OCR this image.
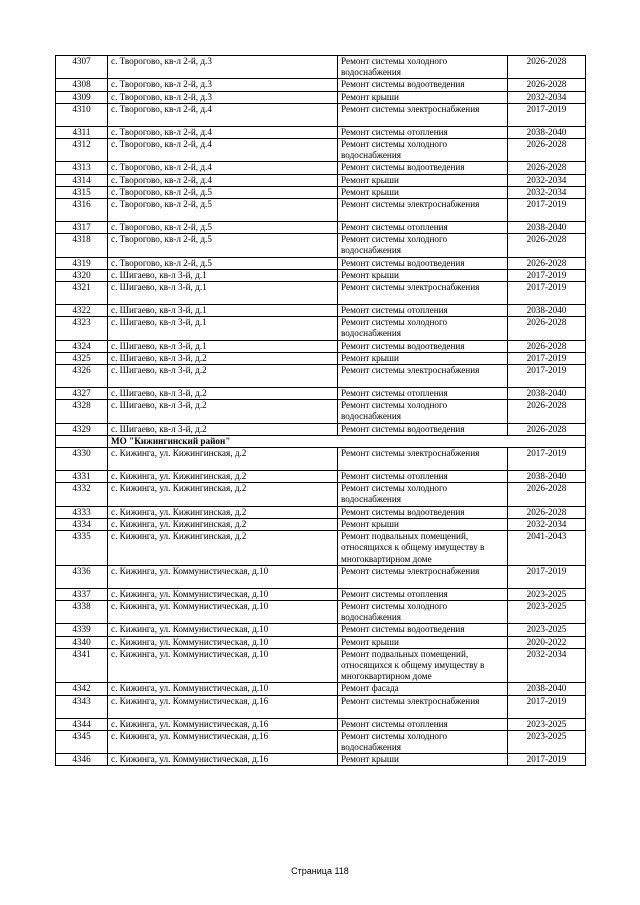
4307	с. Творогово, кв-л 2-й, д.3	Ремонт системы холодного водоснабжения	2026-2028
4308	с. Творогово, кв-л 2-й, д.3	Ремонт системы водоотведения	2026-2028
4309	с. Творогово, кв-л 2-й, д.3	Ремонт крыши	2032-2034
4310	с. Творогово, кв-л 2-й, д.4	Ремонт системы электроснабжения	2017-2019
4311	с. Творогово, кв-л 2-й, д.4	Ремонт системы отопления	2038-2040
4312	с. Творогово, кв-л 2-й, д.4	Ремонт системы холодного водоснабжения	2026-2028
4313	с. Творогово, кв-л 2-й, д.4	Ремонт системы водоотведения	2026-2028
4314	с. Творогово, кв-л 2-й, д.4	Ремонт крыши	2032-2034
4315	с. Творогово, кв-л 2-й, д.5	Ремонт крыши	2032-2034
4316	с. Творогово, кв-л 2-й, д.5	Ремонт системы электроснабжения	2017-2019
4317	с. Творогово, кв-л 2-й, д.5	Ремонт системы отопления	2038-2040
4318	с. Творогово, кв-л 2-й, д.5	Ремонт системы холодного водоснабжения	2026-2028
4319	с. Творогово, кв-л 2-й, д.5	Ремонт системы водоотведения	2026-2028
4320	с. Шигаево, кв-л 3-й, д.1	Ремонт крыши	2017-2019
4321	с. Шигаево, кв-л 3-й, д.1	Ремонт системы электроснабжения	2017-2019
4322	с. Шигаево, кв-л 3-й, д.1	Ремонт системы отопления	2038-2040
4323	с. Шигаево, кв-л 3-й, д.1	Ремонт системы холодного водоснабжения	2026-2028
4324	с. Шигаево, кв-л 3-й, д.1	Ремонт системы водоотведения	2026-2028
4325	с. Шигаево, кв-л 3-й, д.2	Ремонт крыши	2017-2019
4326	с. Шигаево, кв-л 3-й, д.2	Ремонт системы электроснабжения	2017-2019
4327	с. Шигаево, кв-л 3-й, д.2	Ремонт системы отопления	2038-2040
4328	с. Шигаево, кв-л 3-й, д.2	Ремонт системы холодного водоснабжения	2026-2028
4329	с. Шигаево, кв-л 3-й, д.2	Ремонт системы водоотведения	2026-2028
	МО "Кижингинский район"		
4330	с. Кижинга, ул. Кижингинская, д.2	Ремонт системы электроснабжения	2017-2019
4331	с. Кижинга, ул. Кижингинская, д.2	Ремонт системы отопления	2038-2040
4332	с. Кижинга, ул. Кижингинская, д.2	Ремонт системы холодного водоснабжения	2026-2028
4333	с. Кижинга, ул. Кижингинская, д.2	Ремонт системы водоотведения	2026-2028
4334	с. Кижинга, ул. Кижингинская, д.2	Ремонт крыши	2032-2034
4335	с. Кижинга, ул. Кижингинская, д.2	Ремонт подвальных помещений, относящихся к общему имуществу в многоквартирном доме	2041-2043
4336	с. Кижинга, ул. Коммунистическая, д.10	Ремонт системы электроснабжения	2017-2019
4337	с. Кижинга, ул. Коммунистическая, д.10	Ремонт системы отопления	2023-2025
4338	с. Кижинга, ул. Коммунистическая, д.10	Ремонт системы холодного водоснабжения	2023-2025
4339	с. Кижинга, ул. Коммунистическая, д.10	Ремонт системы водоотведения	2023-2025
4340	с. Кижинга, ул. Коммунистическая, д.10	Ремонт крыши	2020-2022
4341	с. Кижинга, ул. Коммунистическая, д.10	Ремонт подвальных помещений, относящихся к общему имуществу в многоквартирном доме	2032-2034
4342	с. Кижинга, ул. Коммунистическая, д.10	Ремонт фасада	2038-2040
4343	с. Кижинга, ул. Коммунистическая, д.16	Ремонт системы электроснабжения	2017-2019
4344	с. Кижинга, ул. Коммунистическая, д.16	Ремонт системы отопления	2023-2025
4345	с. Кижинга, ул. Коммунистическая, д.16	Ремонт системы холодного водоснабжения	2023-2025
4346	с. Кижинга, ул. Коммунистическая, д.16	Ремонт крыши	2017-2019
Страница 118
